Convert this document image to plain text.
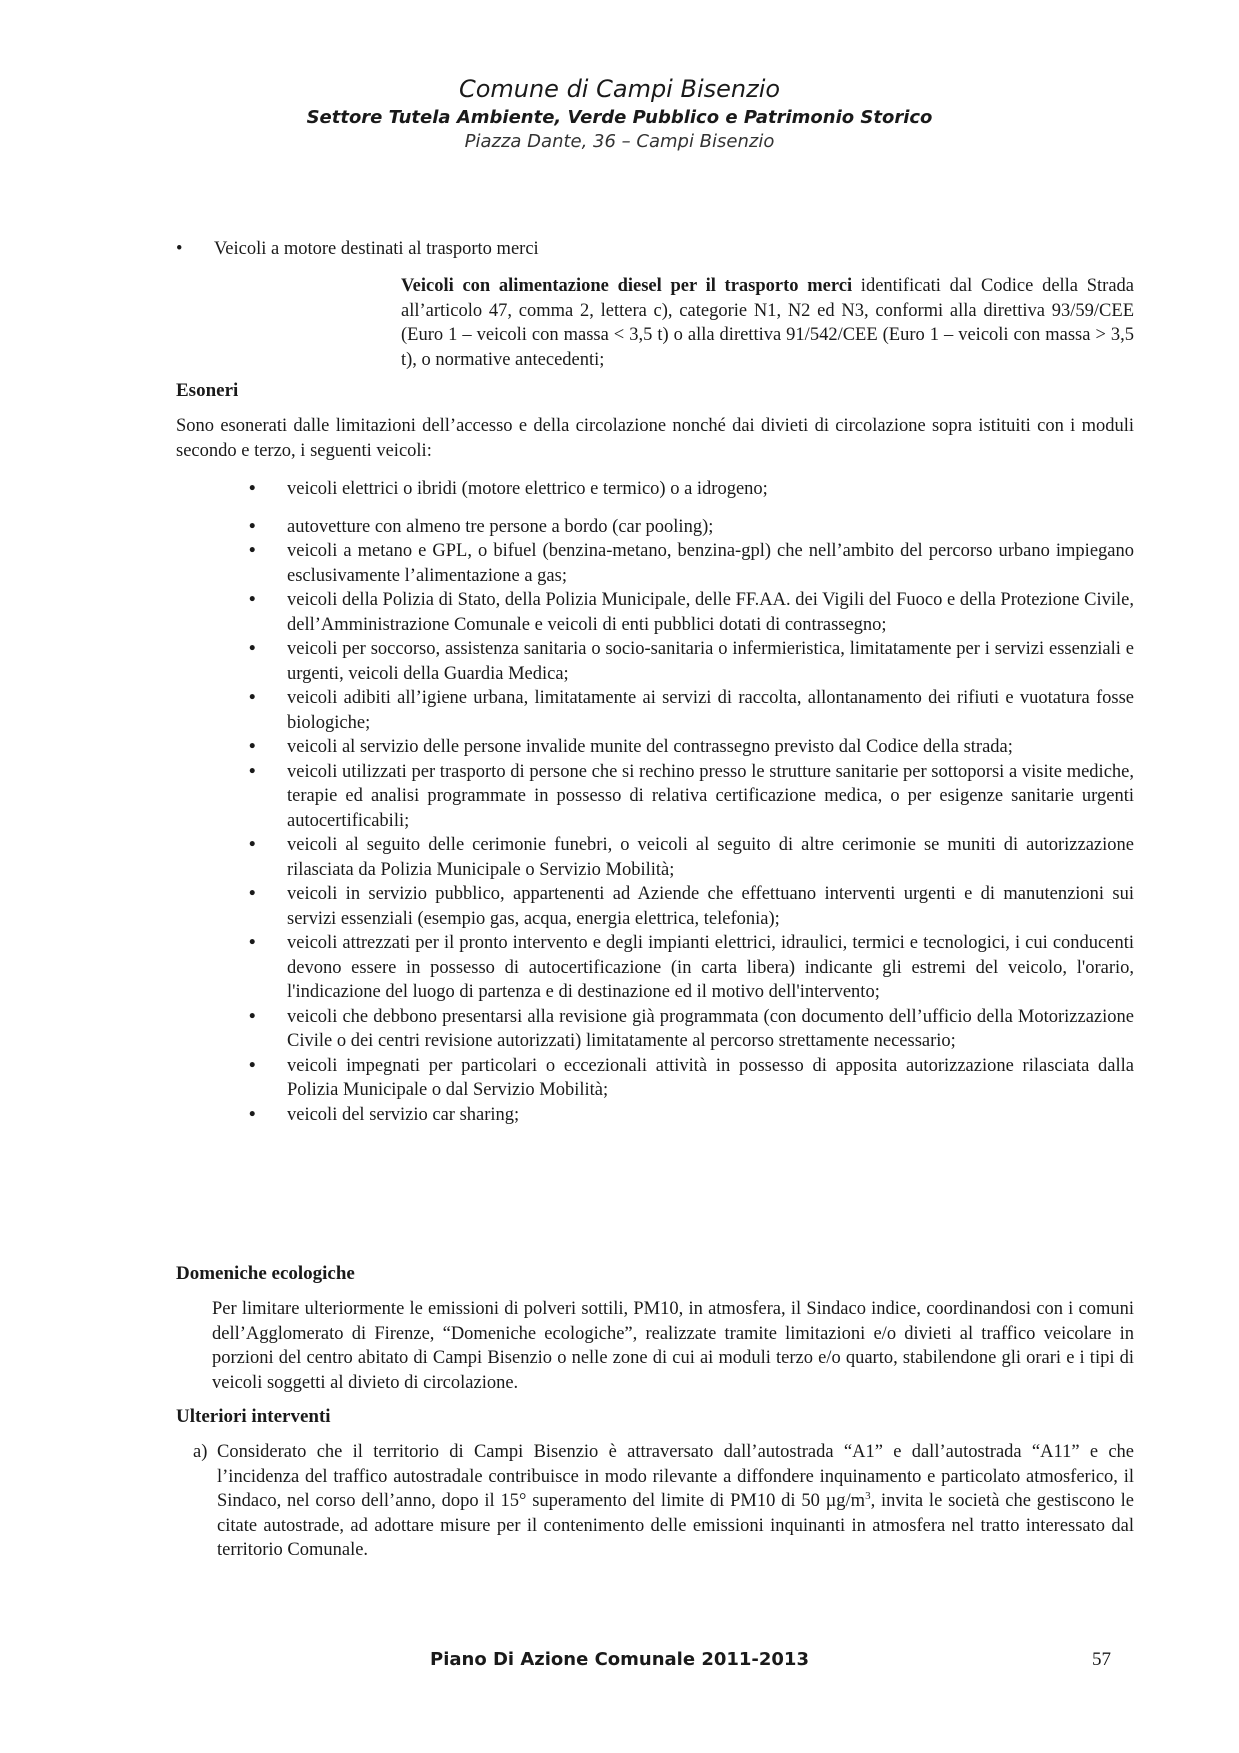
Comune di Campi Bisenzio
Settore Tutela Ambiente, Verde Pubblico e Patrimonio Storico
Piazza Dante, 36 – Campi Bisenzio
• Veicoli a motore destinati al trasporto merci
Veicoli con alimentazione diesel per il trasporto merci identificati dal Codice della Strada all’articolo 47, comma 2, lettera c), categorie N1, N2 ed N3, conformi alla direttiva 93/59/CEE (Euro 1 – veicoli con massa < 3,5 t) o alla direttiva 91/542/CEE (Euro 1 – veicoli con massa > 3,5 t), o normative antecedenti;
Esoneri
Sono esonerati dalle limitazioni dell’accesso e della circolazione nonché dai divieti di circolazione sopra istituiti con i moduli secondo e terzo, i seguenti veicoli:
• veicoli elettrici o ibridi (motore elettrico e termico) o a idrogeno;
• autovetture con almeno tre persone a bordo (car pooling);
• veicoli a metano e GPL, o bifuel (benzina-metano, benzina-gpl) che nell’ambito del percorso urbano impiegano esclusivamente l’alimentazione a gas;
• veicoli della Polizia di Stato, della Polizia Municipale, delle FF.AA. dei Vigili del Fuoco e della Protezione Civile, dell’Amministrazione Comunale e veicoli di enti pubblici dotati di contrassegno;
• veicoli per soccorso, assistenza sanitaria o socio-sanitaria o infermieristica, limitatamente per i servizi essenziali e urgenti, veicoli della Guardia Medica;
• veicoli adibiti all’igiene urbana, limitatamente ai servizi di raccolta, allontanamento dei rifiuti e vuotatura fosse biologiche;
• veicoli al servizio delle persone invalide munite del contrassegno previsto dal Codice della strada;
• veicoli utilizzati per trasporto di persone che si rechino presso le strutture sanitarie per sottoporsi a visite mediche, terapie ed analisi programmate in possesso di relativa certificazione medica, o per esigenze sanitarie urgenti autocertificabili;
• veicoli al seguito delle cerimonie funebri, o veicoli al seguito di altre cerimonie se muniti di autorizzazione rilasciata da Polizia Municipale o Servizio Mobilità;
• veicoli in servizio pubblico, appartenenti ad Aziende che effettuano interventi urgenti e di manutenzioni sui servizi essenziali (esempio gas, acqua, energia elettrica, telefonia);
• veicoli attrezzati per il pronto intervento e degli impianti elettrici, idraulici, termici e tecnologici, i cui conducenti devono essere in possesso di autocertificazione (in carta libera) indicante gli estremi del veicolo, l'orario, l'indicazione del luogo di partenza e di destinazione ed il motivo dell'intervento;
• veicoli che debbono presentarsi alla revisione già programmata (con documento dell’ufficio della Motorizzazione Civile o dei centri revisione autorizzati) limitatamente al percorso strettamente necessario;
• veicoli impegnati per particolari o eccezionali attività in possesso di apposita autorizzazione rilasciata dalla Polizia Municipale o dal Servizio Mobilità;
• veicoli del servizio car sharing;
Domeniche ecologiche
Per limitare ulteriormente le emissioni di polveri sottili, PM10, in atmosfera, il Sindaco indice, coordinandosi con i comuni dell’Agglomerato di Firenze, “Domeniche ecologiche”, realizzate tramite limitazioni e/o divieti al traffico veicolare in porzioni del centro abitato di Campi Bisenzio o nelle zone di cui ai moduli terzo e/o quarto, stabilendone gli orari e i tipi di veicoli soggetti al divieto di circolazione.
Ulteriori interventi
a) Considerato che il territorio di Campi Bisenzio è attraversato dall’autostrada “A1” e dall’autostrada “A11” e che l’incidenza del traffico autostradale contribuisce in modo rilevante a diffondere inquinamento e particolato atmosferico, il Sindaco, nel corso dell’anno, dopo il 15° superamento del limite di PM10 di 50 $\mu g/m^3$, invita le società che gestiscono le citate autostrade, ad adottare misure per il contenimento delle emissioni inquinanti in atmosfera nel tratto interessato dal territorio Comunale.
Piano Di Azione Comunale 2011-2013	57
